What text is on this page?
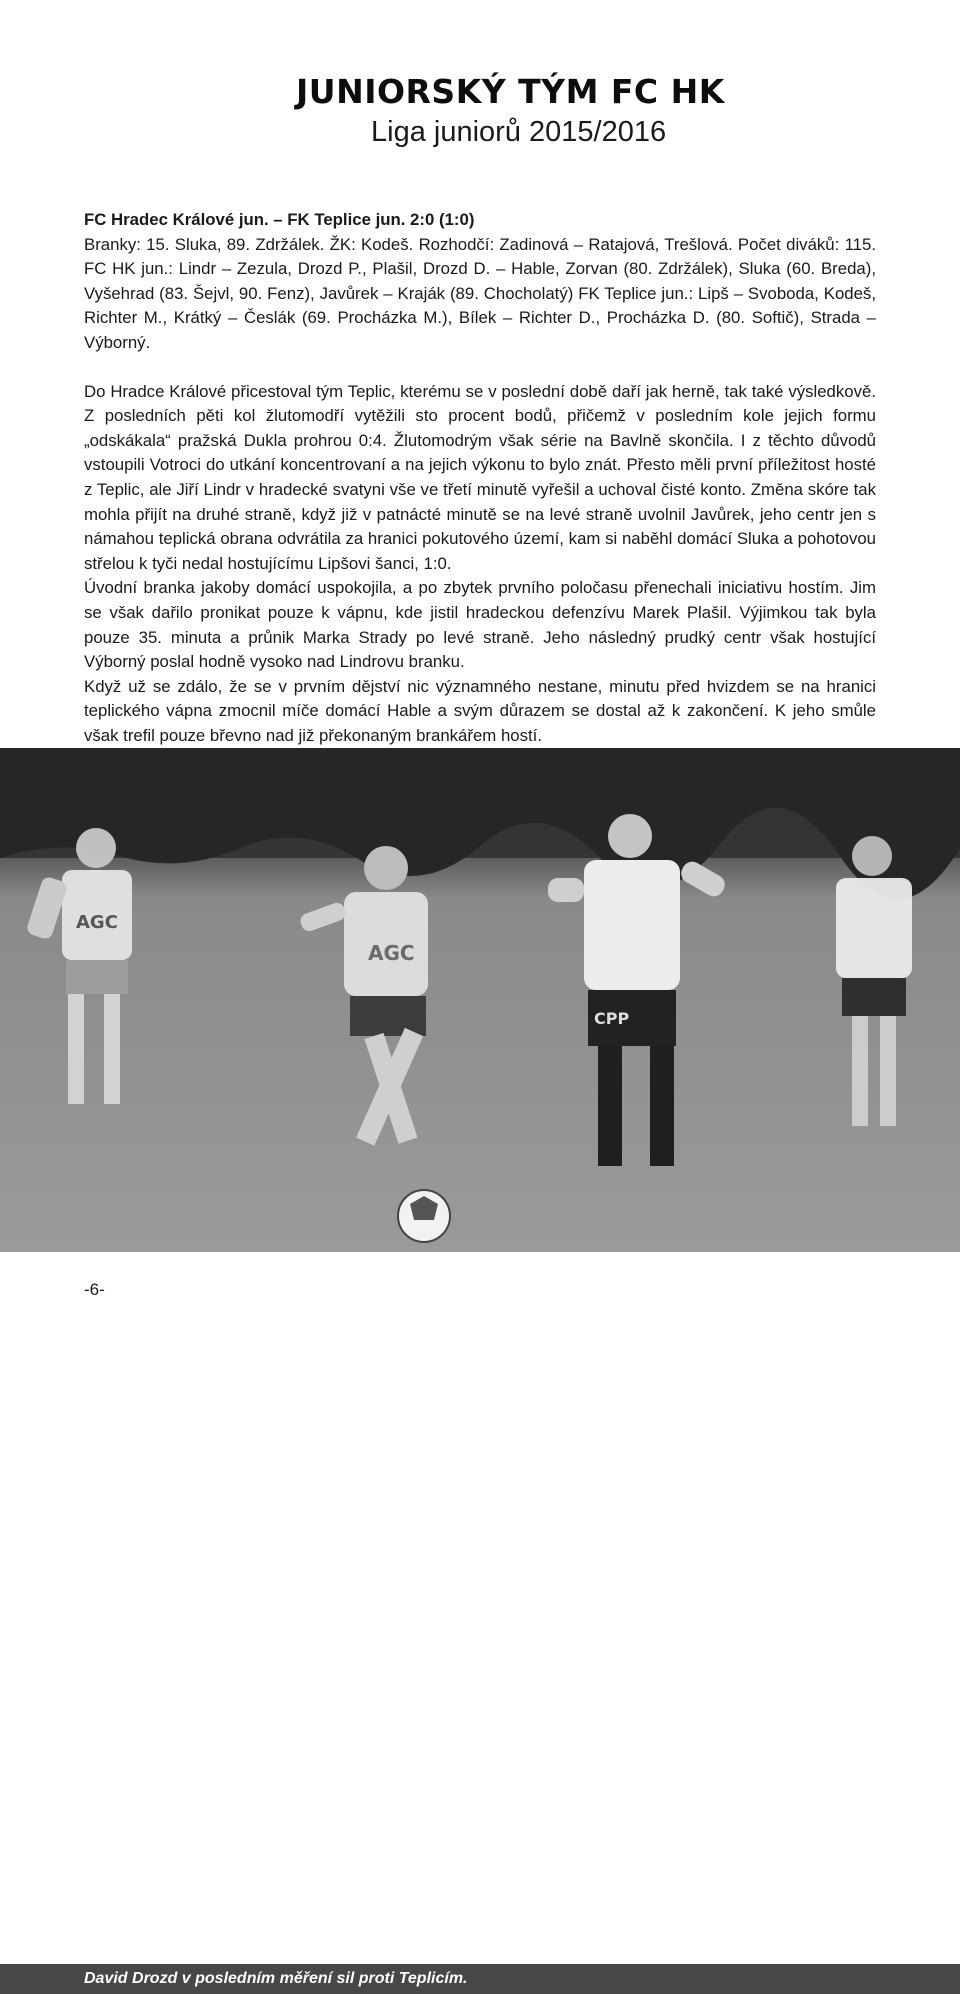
JUNIORSKÝ TÝM FC HK
Liga juniorů 2015/2016

FC Hradec Králové jun. – FK Teplice jun. 2:0 (1:0)

Branky: 15. Sluka, 89. Zdržálek. ŽK: Kodeš. Rozhodčí: Zadinová – Ratajová, Trešlová. Počet diváků: 115. FC HK jun.: Lindr – Zezula, Drozd P., Plašil, Drozd D. – Hable, Zorvan (80. Zdržálek), Sluka (60. Breda), Vyšehrad (83. Šejvl, 90. Fenz), Javůrek – Kraják (89. Chocholatý) FK Teplice jun.: Lipš – Svoboda, Kodeš, Richter M., Krátký – Česlák (69. Procházka M.), Bílek – Richter D., Procházka D. (80. Softič), Strada – Výborný.

Do Hradce Králové přicestoval tým Teplic, kterému se v poslední době daří jak herně, tak také výsledkově. Z posledních pěti kol žlutomodří vytěžili sto procent bodů, přičemž v posledním kole jejich formu „odskákala“ pražská Dukla prohrou 0:4. Žlutomodrým však série na Bavlně skončila. I z těchto důvodů vstoupili Votroci do utkání koncentrovaní a na jejich výkonu to bylo znát. Přesto měli první příležitost hosté z Teplic, ale Jiří Lindr v hradecké svatyni vše ve třetí minutě vyřešil a uchoval čisté konto. Změna skóre tak mohla přijít na druhé straně, když již v patnácté minutě se na levé straně uvolnil Javůrek, jeho centr jen s námahou teplická obrana odvrátila za hranici pokutového území, kam si naběhl domácí Sluka a pohotovou střelou k tyči nedal hostujícímu Lipšovi šanci, 1:0.

Úvodní branka jakoby domácí uspokojila, a po zbytek prvního poločasu přenechali iniciativu hostím. Jim se však dařilo pronikat pouze k vápnu, kde jistil hradeckou defenzívu Marek Plašil. Výjimkou tak byla pouze 35. minuta a průnik Marka Strady po levé straně. Jeho následný prudký centr však hostující Výborný poslal hodně vysoko nad Lindrovu branku.

Když už se zdálo, že se v prvním dějství nic významného nestane, minutu před hvizdem se na hranici teplického vápna zmocnil míče domácí Hable a svým důrazem se dostal až k zakončení. K jeho smůle však trefil pouze břevno nad již překonaným brankářem hostí.

AGC
AGC
CPP
David Drozd v posledním měření sil proti Teplicím.
-6-
